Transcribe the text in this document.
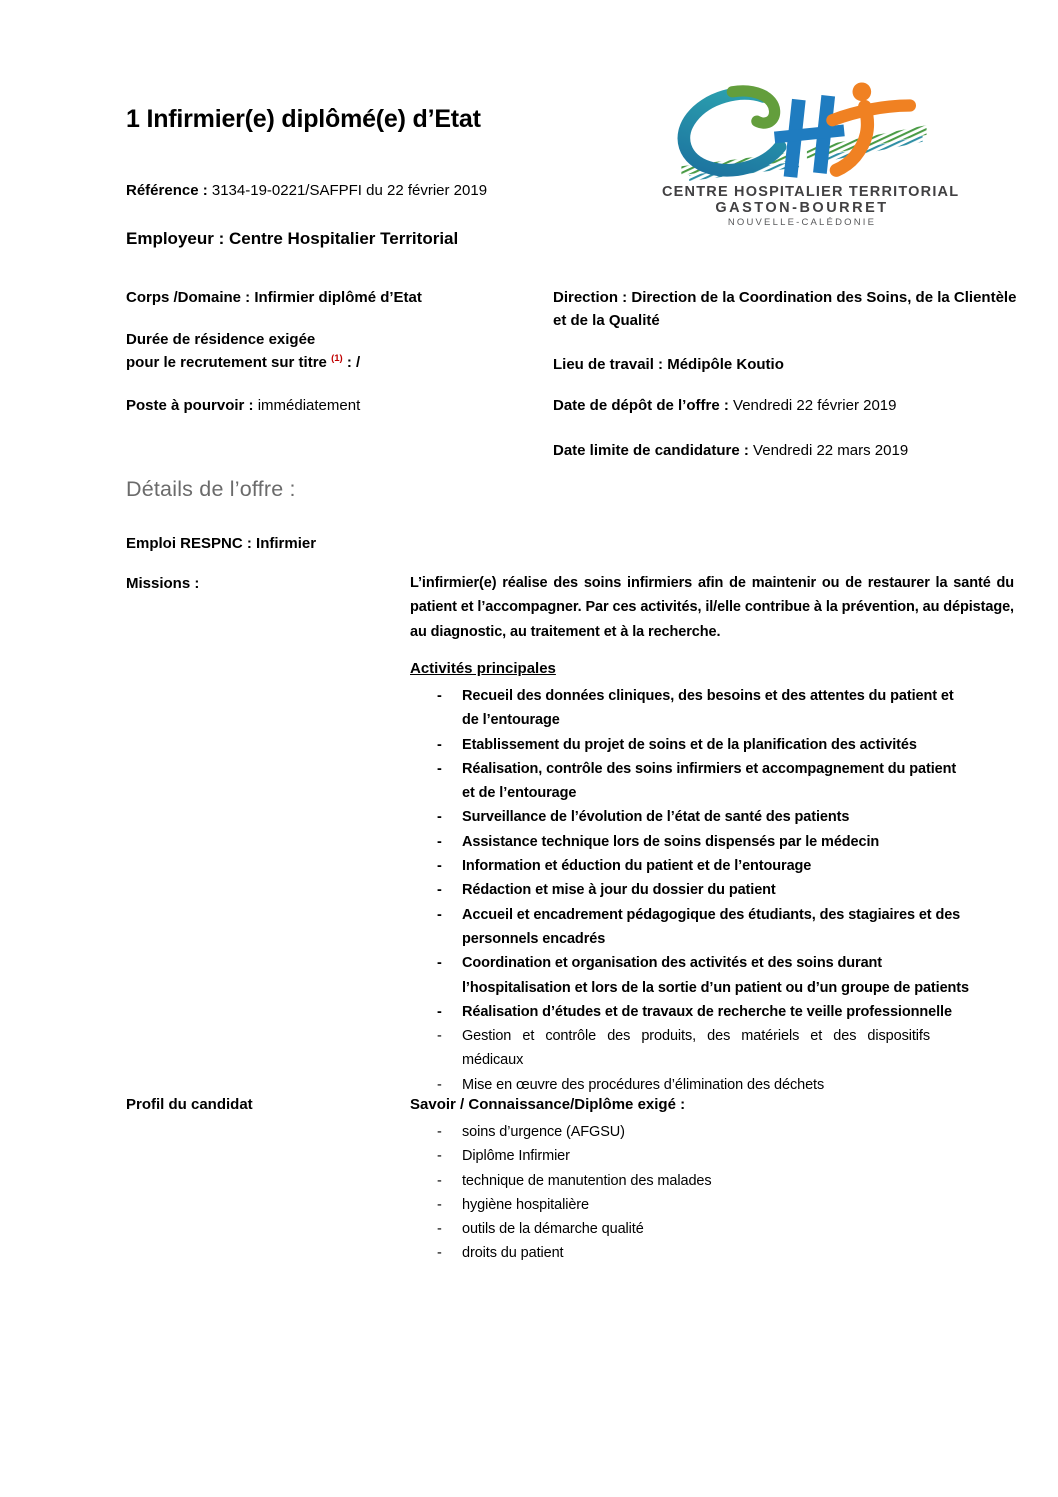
1 Infirmier(e) diplômé(e) d’Etat
CENTRE HOSPITALIER TERRITORIAL
GASTON-BOURRET
NOUVELLE-CALÉDONIE

Référence : 3134-19-0221/SAFPFI du 22 février 2019

Employeur : Centre Hospitalier Territorial

Corps /Domaine : Infirmier diplômé d’Etat

Durée de résidence exigée
pour le recrutement sur titre $^{(1)}$ : /

Poste à pourvoir : immédiatement

Direction : Direction de la Coordination des Soins, de la Clientèle et de la Qualité

Lieu de travail : Médipôle Koutio

Date de dépôt de l’offre : Vendredi 22 février 2019

Date limite de candidature : Vendredi 22 mars 2019

Détails de l’offre :

Emploi RESPNC : Infirmier

Missions :	L’infirmier(e) réalise des soins infirmiers afin de maintenir ou de restaurer la santé du patient et l’accompagner. Par ces activités, il/elle contribue à la prévention, au dépistage, au diagnostic, au traitement et à la recherche.

Activités principales

- Recueil des données cliniques, des besoins et des attentes du patient et de l’entourage
- Etablissement du projet de soins et de la planification des activités
- Réalisation, contrôle des soins infirmiers et accompagnement du patient et de l’entourage
- Surveillance de l’évolution de l’état de santé des patients
- Assistance technique lors de soins dispensés par le médecin
- Information et éduction du patient et de l’entourage
- Rédaction et mise à jour du dossier du patient
- Accueil et encadrement pédagogique des étudiants, des stagiaires et des personnels encadrés
- Coordination et organisation des activités et des soins durant l’hospitalisation et lors de la sortie d’un patient ou d’un groupe de patients
- Réalisation d’études et de travaux de recherche te veille professionnelle
- Gestion et contrôle des produits, des matériels et des dispositifs médicaux
- Mise en œuvre des procédures d’élimination des déchets

Profil du candidat	Savoir / Connaissance/Diplôme exigé :

- soins d’urgence (AFGSU)
- Diplôme Infirmier
- technique de manutention des malades
- hygiène hospitalière
- outils de la démarche qualité
- droits du patient
